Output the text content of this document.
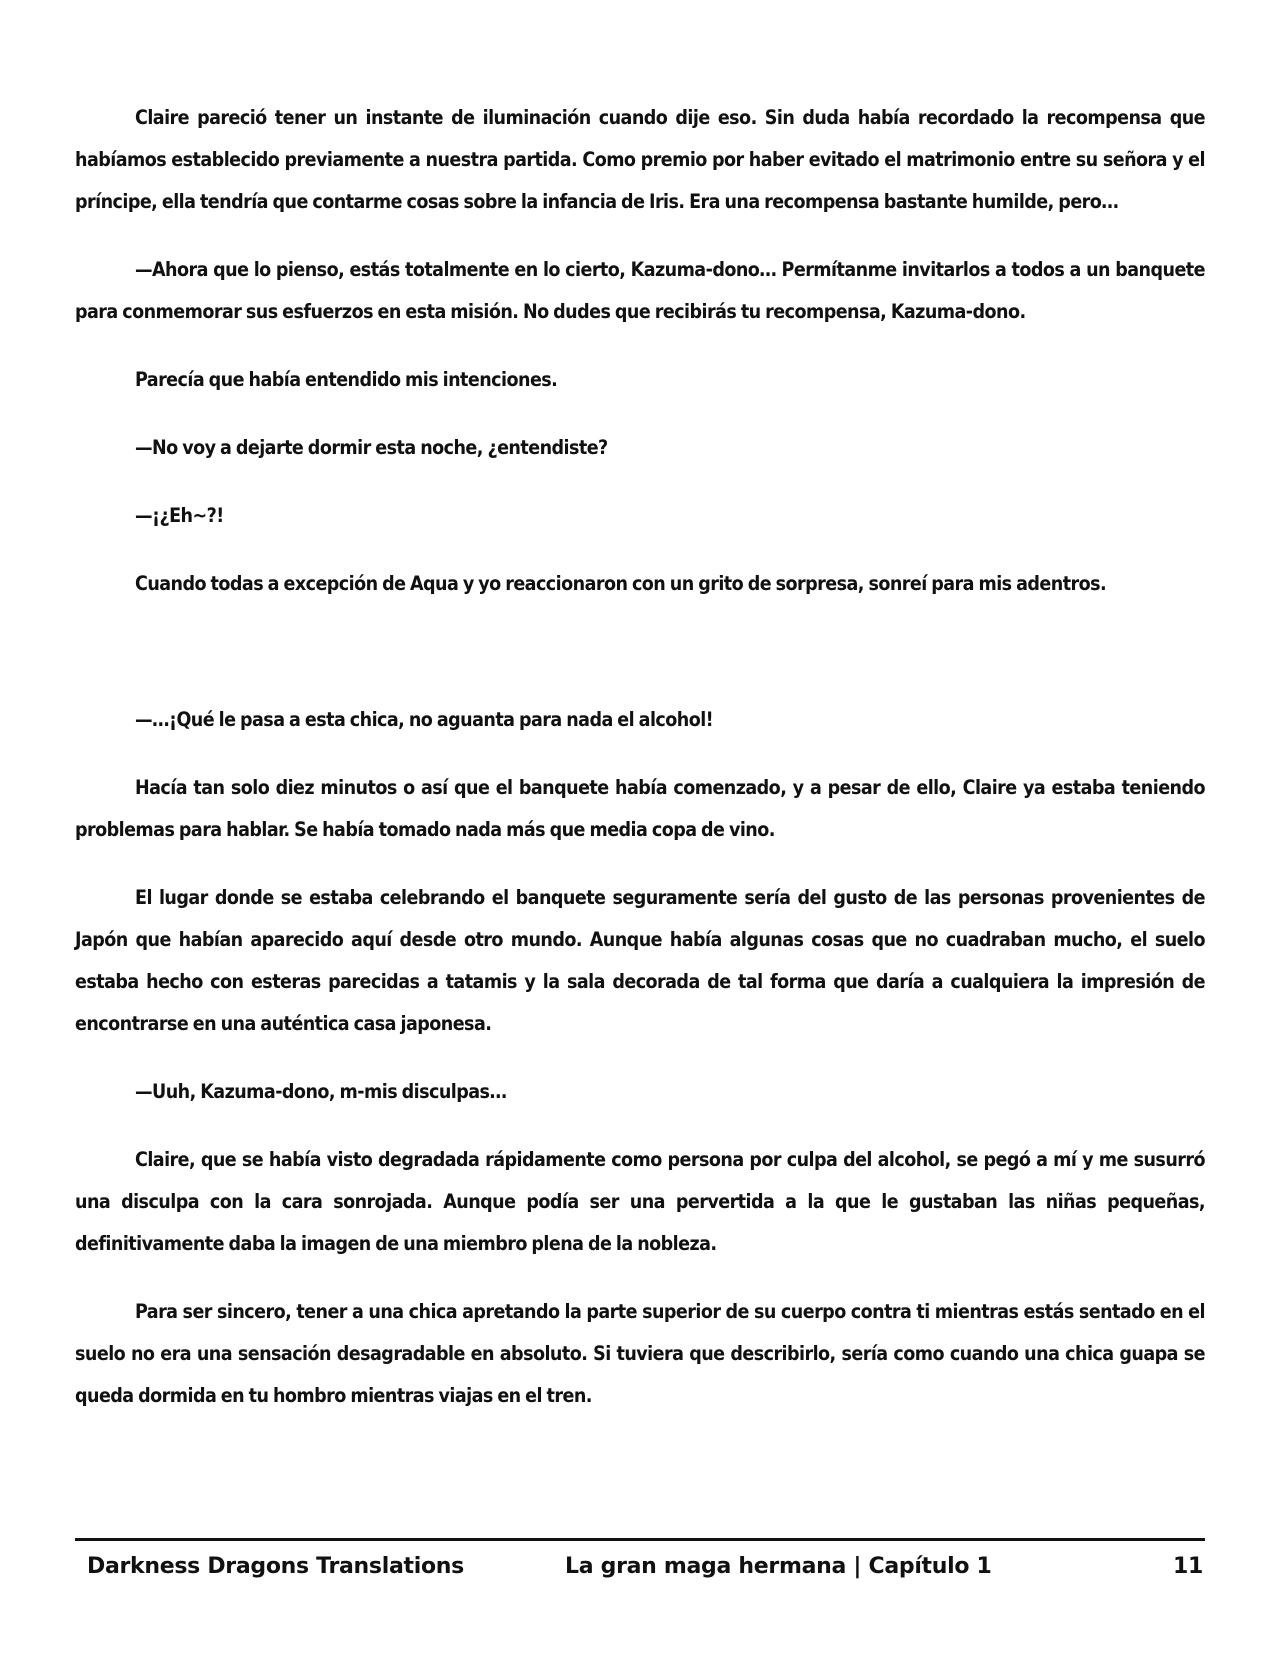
Claire pareció tener un instante de iluminación cuando dije eso. Sin duda había recordado la recompensa que habíamos establecido previamente a nuestra partida. Como premio por haber evitado el matrimonio entre su señora y el príncipe, ella tendría que contarme cosas sobre la infancia de Iris. Era una recompensa bastante humilde, pero…

—Ahora que lo pienso, estás totalmente en lo cierto, Kazuma-dono… Permítanme invitarlos a todos a un banquete para conmemorar sus esfuerzos en esta misión. No dudes que recibirás tu recompensa, Kazuma-dono.

Parecía que había entendido mis intenciones.

—No voy a dejarte dormir esta noche, ¿entendiste?

—¡¿Eh~?!

Cuando todas a excepción de Aqua y yo reaccionaron con un grito de sorpresa, sonreí para mis adentros.

—…¡Qué le pasa a esta chica, no aguanta para nada el alcohol!

Hacía tan solo diez minutos o así que el banquete había comenzado, y a pesar de ello, Claire ya estaba teniendo problemas para hablar. Se había tomado nada más que media copa de vino.

El lugar donde se estaba celebrando el banquete seguramente sería del gusto de las personas provenientes de Japón que habían aparecido aquí desde otro mundo. Aunque había algunas cosas que no cuadraban mucho, el suelo estaba hecho con esteras parecidas a tatamis y la sala decorada de tal forma que daría a cualquiera la impresión de encontrarse en una auténtica casa japonesa.

—Uuh, Kazuma-dono, m-mis disculpas…

Claire, que se había visto degradada rápidamente como persona por culpa del alcohol, se pegó a mí y me susurró una disculpa con la cara sonrojada. Aunque podía ser una pervertida a la que le gustaban las niñas pequeñas, definitivamente daba la imagen de una miembro plena de la nobleza.

Para ser sincero, tener a una chica apretando la parte superior de su cuerpo contra ti mientras estás sentado en el suelo no era una sensación desagradable en absoluto. Si tuviera que describirlo, sería como cuando una chica guapa se queda dormida en tu hombro mientras viajas en el tren.

Darkness Dragons Translations	La gran maga hermana | Capítulo 1	11
